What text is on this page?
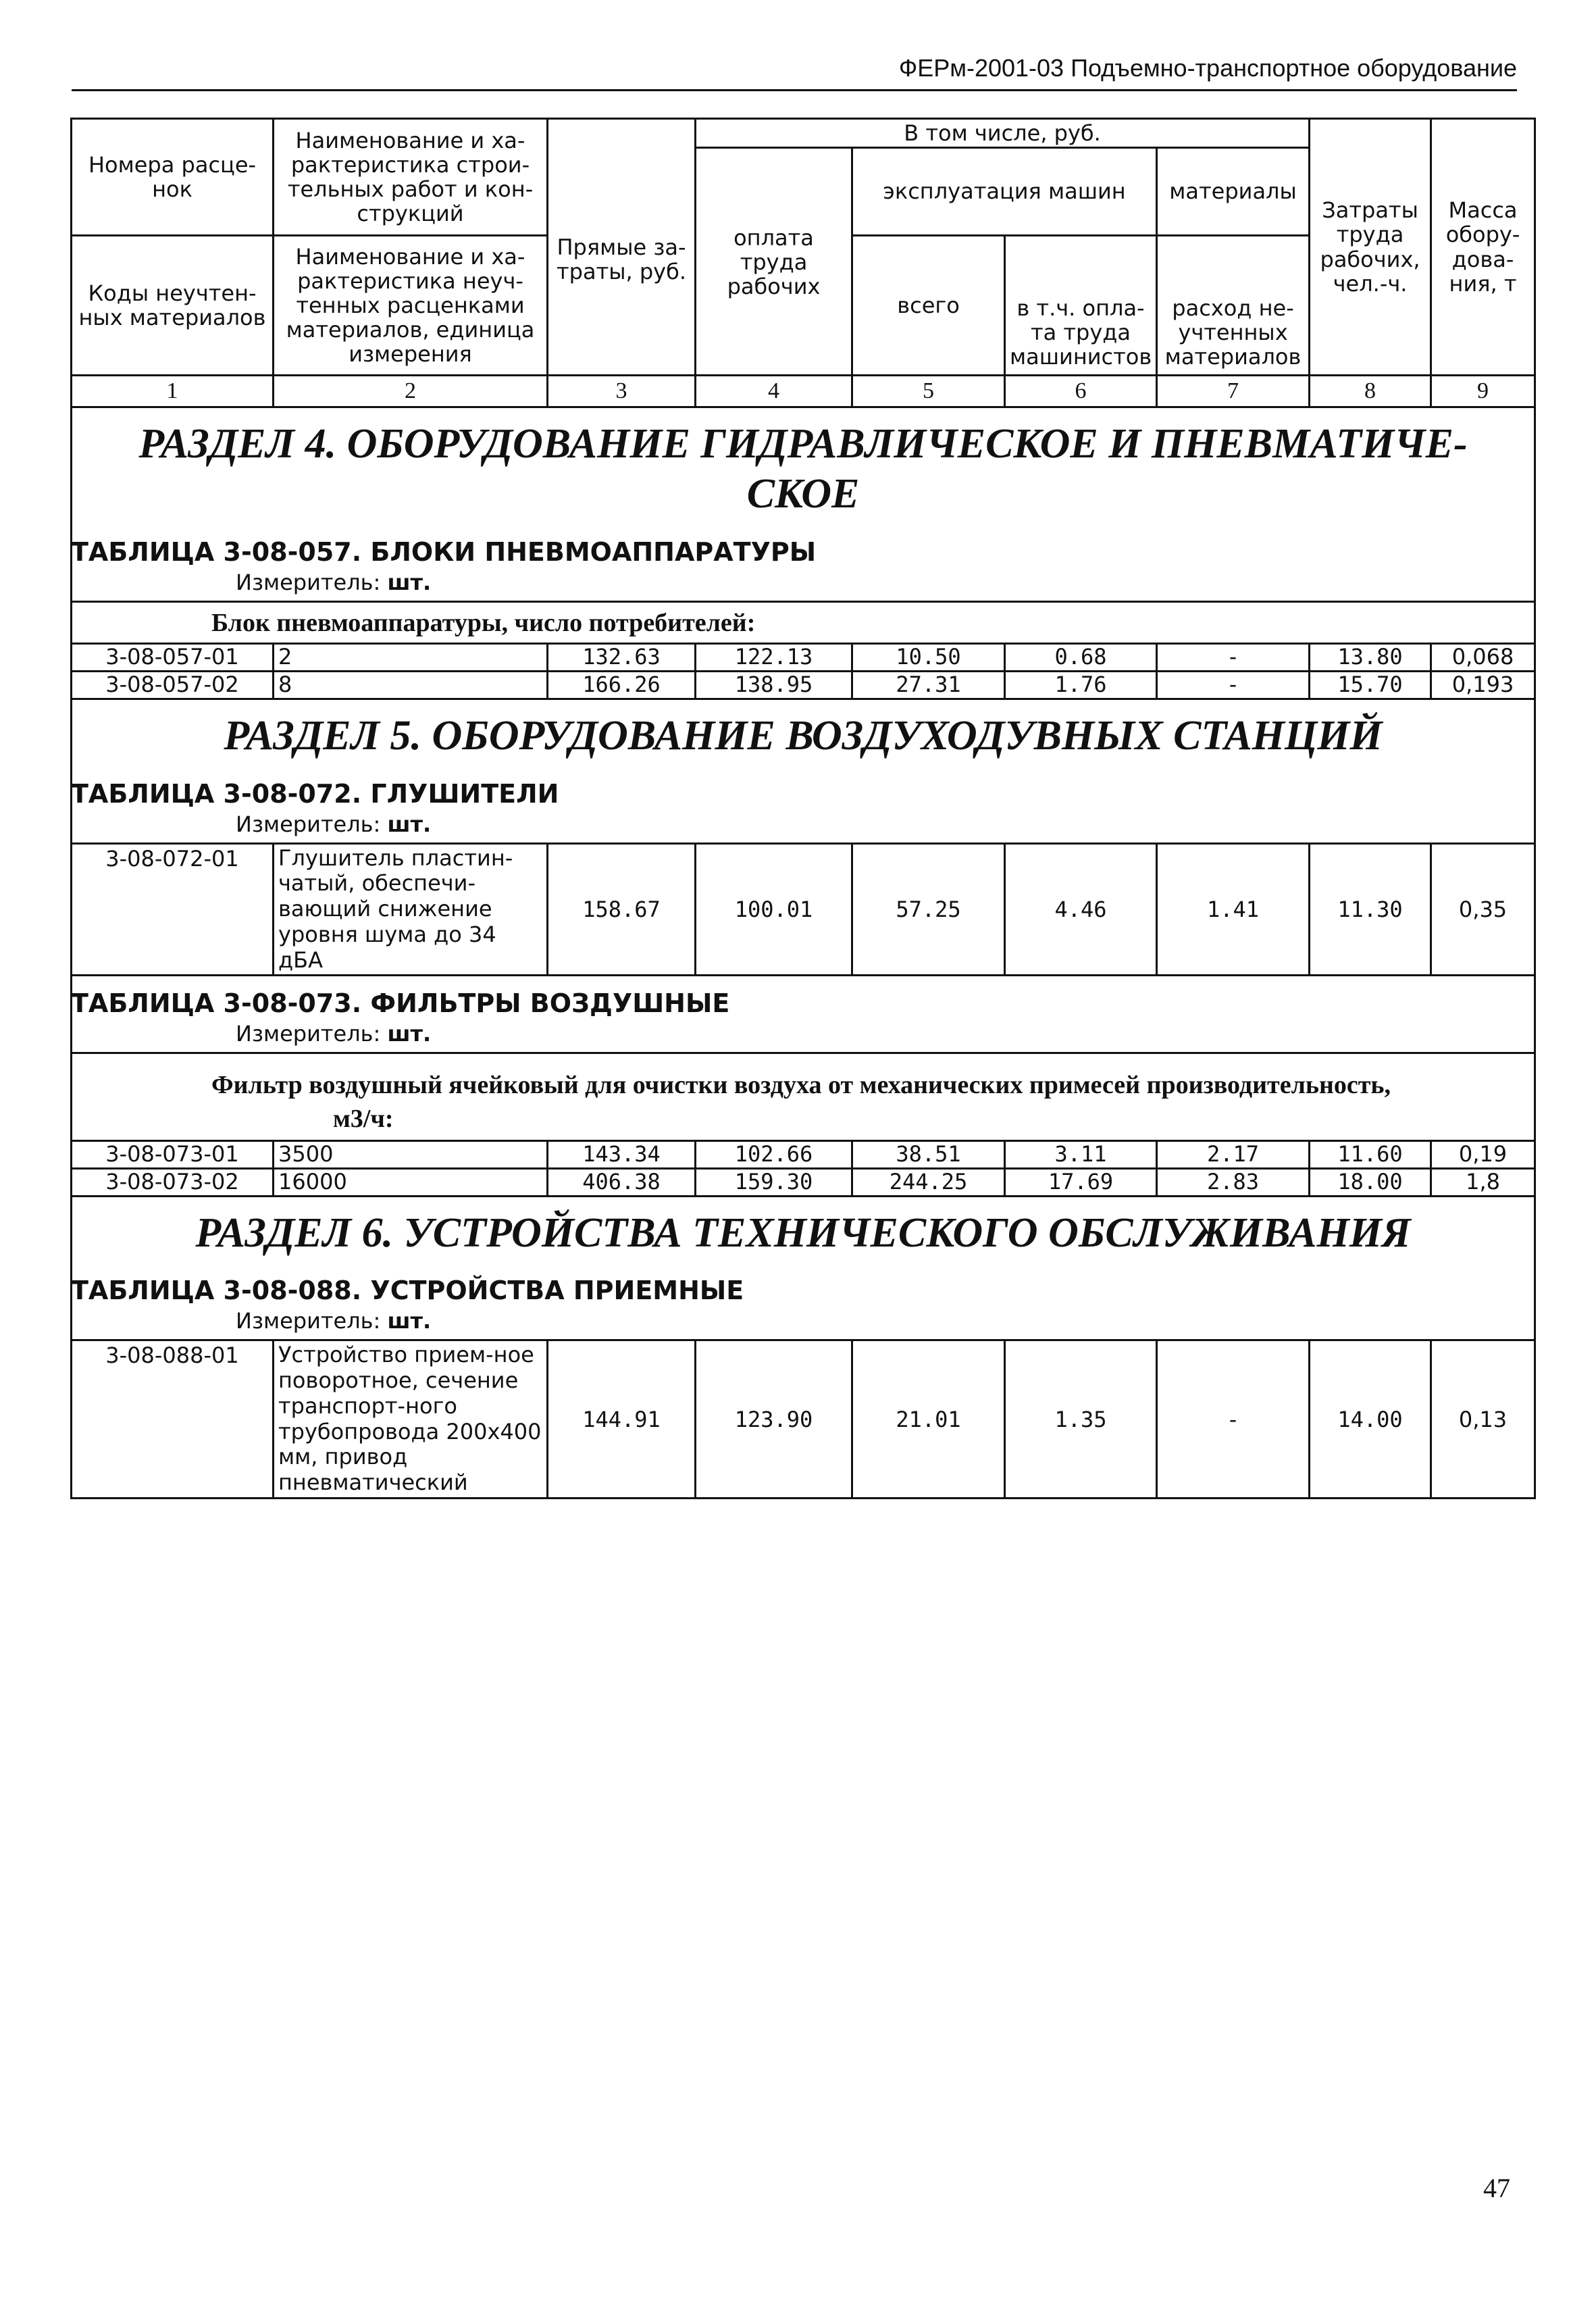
ФЕРм-2001-03 Подъемно-транспортное оборудование
Номера расце-нок	Наименование и ха-рактеристика строи-тельных работ и кон-струкций	Прямые за-траты, руб.	В том числе, руб.				Затраты труда рабочих, чел.-ч.	Масса обору-дова-ния, т
			оплата труда рабочих	эксплуатация машин		материалы		
Коды неучтен-ных материалов	Наименование и ха-рактеристика неуч-тенных расценками материалов, единица измерения			всего	в т.ч. опла-та труда машинистов	расход не-учтенных материалов		

1	2	3	4	5	6	7	8	9

РАЗДЕЛ 4. ОБОРУДОВАНИЕ ГИДРАВЛИЧЕСКОЕ И ПНЕВМАТИЧЕ-СКОЕ
ТАБЛИЦА 3-08-057. БЛОКИ ПНЕВМОАППАРАТУРЫ
Измеритель: шт.								

Блок пневмоаппаратуры, число потребителей:								

3-08-057-01	2	132.63	122.13	10.50	0.68	-	13.80	0,068
3-08-057-02	8	166.26	138.95	27.31	1.76	-	15.70	0,193

РАЗДЕЛ 5. ОБОРУДОВАНИЕ ВОЗДУХОДУВНЫХ СТАНЦИЙ
ТАБЛИЦА 3-08-072. ГЛУШИТЕЛИ
Измеритель: шт.								

3-08-072-01	Глушитель пластин-чатый, обеспечи-вающий снижение уровня шума до 34 дБА	158.67	100.01	57.25	4.46	1.41	11.30	0,35

ТАБЛИЦА 3-08-073. ФИЛЬТРЫ ВОЗДУШНЫЕ
Измеритель: шт.								

Фильтр воздушный ячейковый для очистки воздуха от механических примесей производительность,
м3/ч:								

3-08-073-01	3500	143.34	102.66	38.51	3.11	2.17	11.60	0,19
3-08-073-02	16000	406.38	159.30	244.25	17.69	2.83	18.00	1,8

РАЗДЕЛ 6. УСТРОЙСТВА ТЕХНИЧЕСКОГО ОБСЛУЖИВАНИЯ
ТАБЛИЦА 3-08-088. УСТРОЙСТВА ПРИЕМНЫЕ
Измеритель: шт.								

3-08-088-01	Устройство прием-ное поворотное, сечение транспорт-ного трубопровода 200х400 мм, привод пневматический	144.91	123.90	21.01	1.35	-	14.00	0,13
47
